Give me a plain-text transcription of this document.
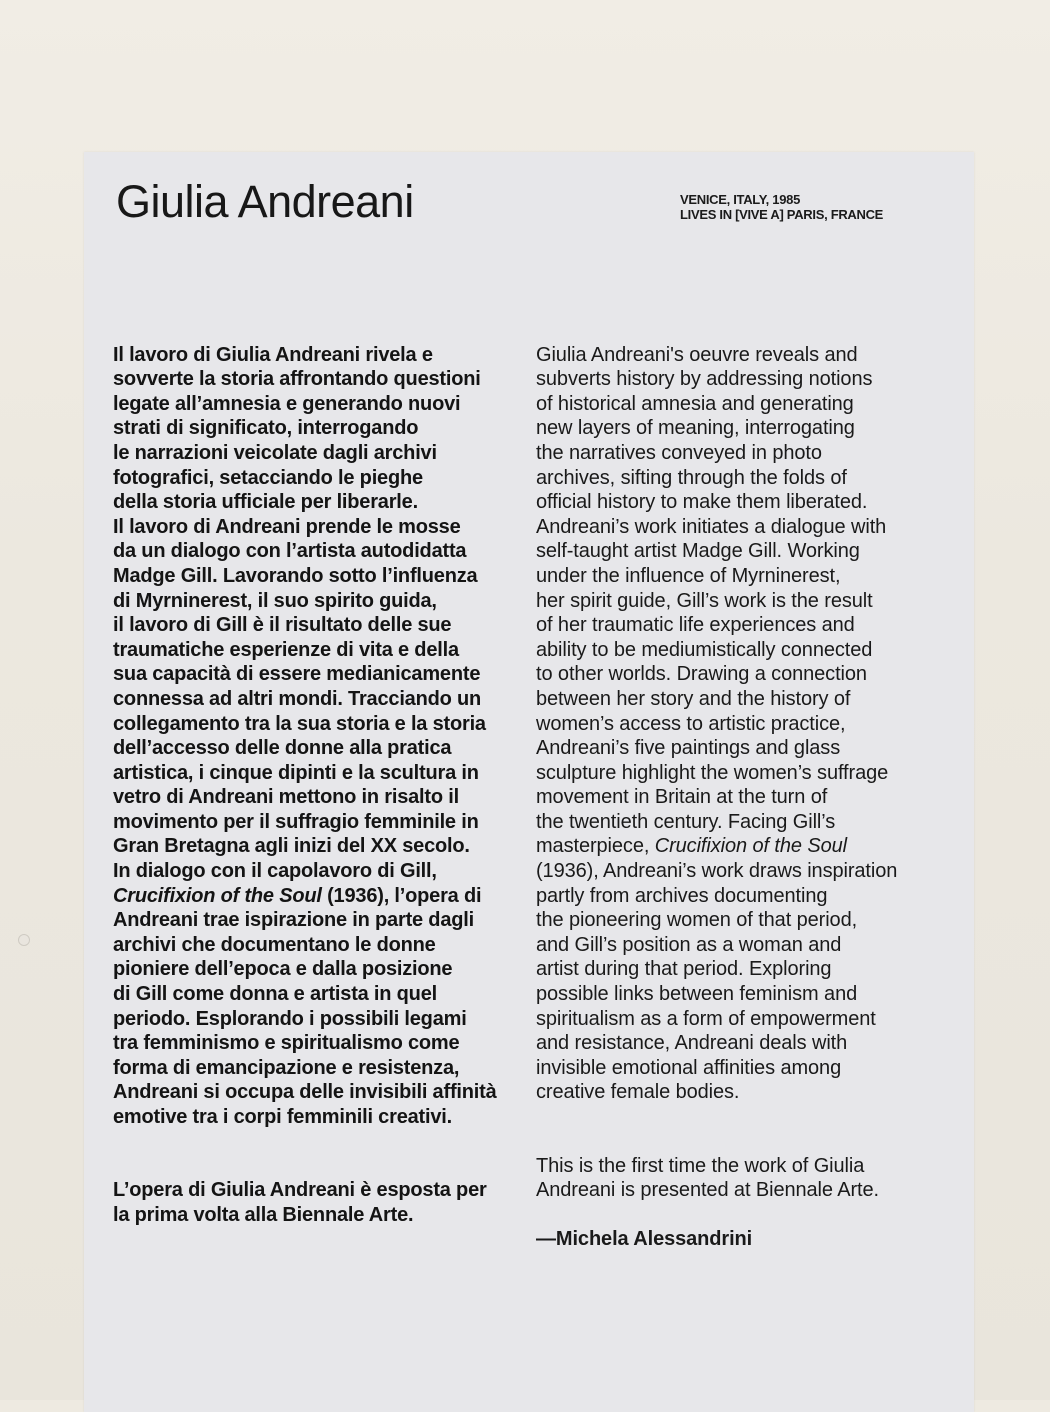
Giulia Andreani	VENICE, ITALY, 1985
LIVES IN [VIVE A] PARIS, FRANCE

Il lavoro di Giulia Andreani rivela e
sovverte la storia affrontando questioni
legate all’amnesia e generando nuovi
strati di significato, interrogando
le narrazioni veicolate dagli archivi
fotografici, setacciando le pieghe
della storia ufficiale per liberarle.
Il lavoro di Andreani prende le mosse
da un dialogo con l’artista autodidatta
Madge Gill. Lavorando sotto l’influenza
di Myrninerest, il suo spirito guida,
il lavoro di Gill è il risultato delle sue
traumatiche esperienze di vita e della
sua capacità di essere medianicamente
connessa ad altri mondi. Tracciando un
collegamento tra la sua storia e la storia
dell’accesso delle donne alla pratica
artistica, i cinque dipinti e la scultura in
vetro di Andreani mettono in risalto il
movimento per il suffragio femminile in
Gran Bretagna agli inizi del XX secolo.
In dialogo con il capolavoro di Gill,
Crucifixion of the Soul (1936), l’opera di
Andreani trae ispirazione in parte dagli
archivi che documentano le donne
pioniere dell’epoca e dalla posizione
di Gill come donna e artista in quel
periodo. Esplorando i possibili legami
tra femminismo e spiritualismo come
forma di emancipazione e resistenza,
Andreani si occupa delle invisibili affinità
emotive tra i corpi femminili creativi.

L’opera di Giulia Andreani è esposta per
la prima volta alla Biennale Arte.

Giulia Andreani's oeuvre reveals and
subverts history by addressing notions
of historical amnesia and generating
new layers of meaning, interrogating
the narratives conveyed in photo
archives, sifting through the folds of
official history to make them liberated.
Andreani’s work initiates a dialogue with
self-taught artist Madge Gill. Working
under the influence of Myrninerest,
her spirit guide, Gill’s work is the result
of her traumatic life experiences and
ability to be mediumistically connected
to other worlds. Drawing a connection
between her story and the history of
women’s access to artistic practice,
Andreani’s five paintings and glass
sculpture highlight the women’s suffrage
movement in Britain at the turn of
the twentieth century. Facing Gill’s
masterpiece, Crucifixion of the Soul
(1936), Andreani’s work draws inspiration
partly from archives documenting
the pioneering women of that period,
and Gill’s position as a woman and
artist during that period. Exploring
possible links between feminism and
spiritualism as a form of empowerment
and resistance, Andreani deals with
invisible emotional affinities among
creative female bodies.

This is the first time the work of Giulia
Andreani is presented at Biennale Arte.

—Michela Alessandrini
